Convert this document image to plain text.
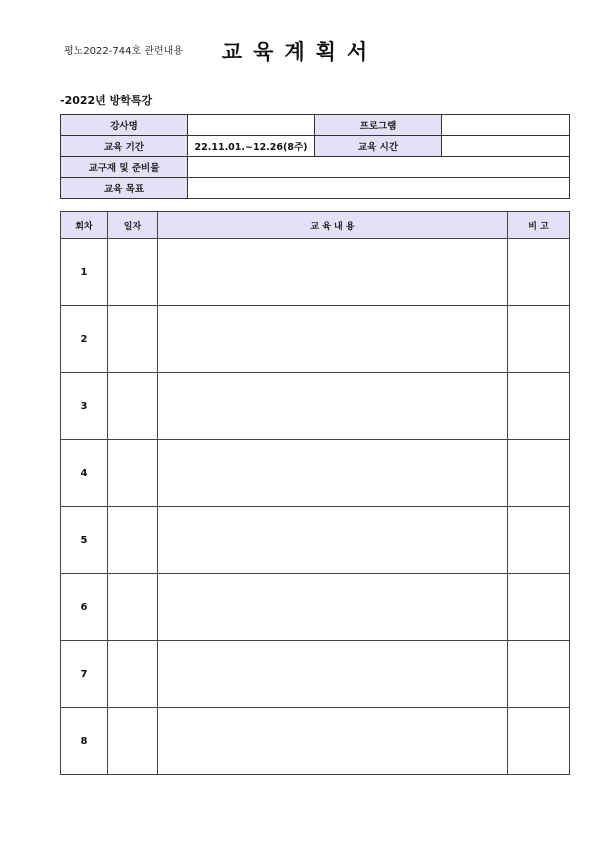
평노2022-744호 관련내용	교육계획서
-2022년 방학특강
강사명		프로그램	
교육 기간	22.11.01.~12.26(8주)	교육 시간	
교구재 및 준비물			
교육 목표			
회차	일자	교 육 내 용	비 고
1			
2			
3			
4			
5			
6			
7			
8			
